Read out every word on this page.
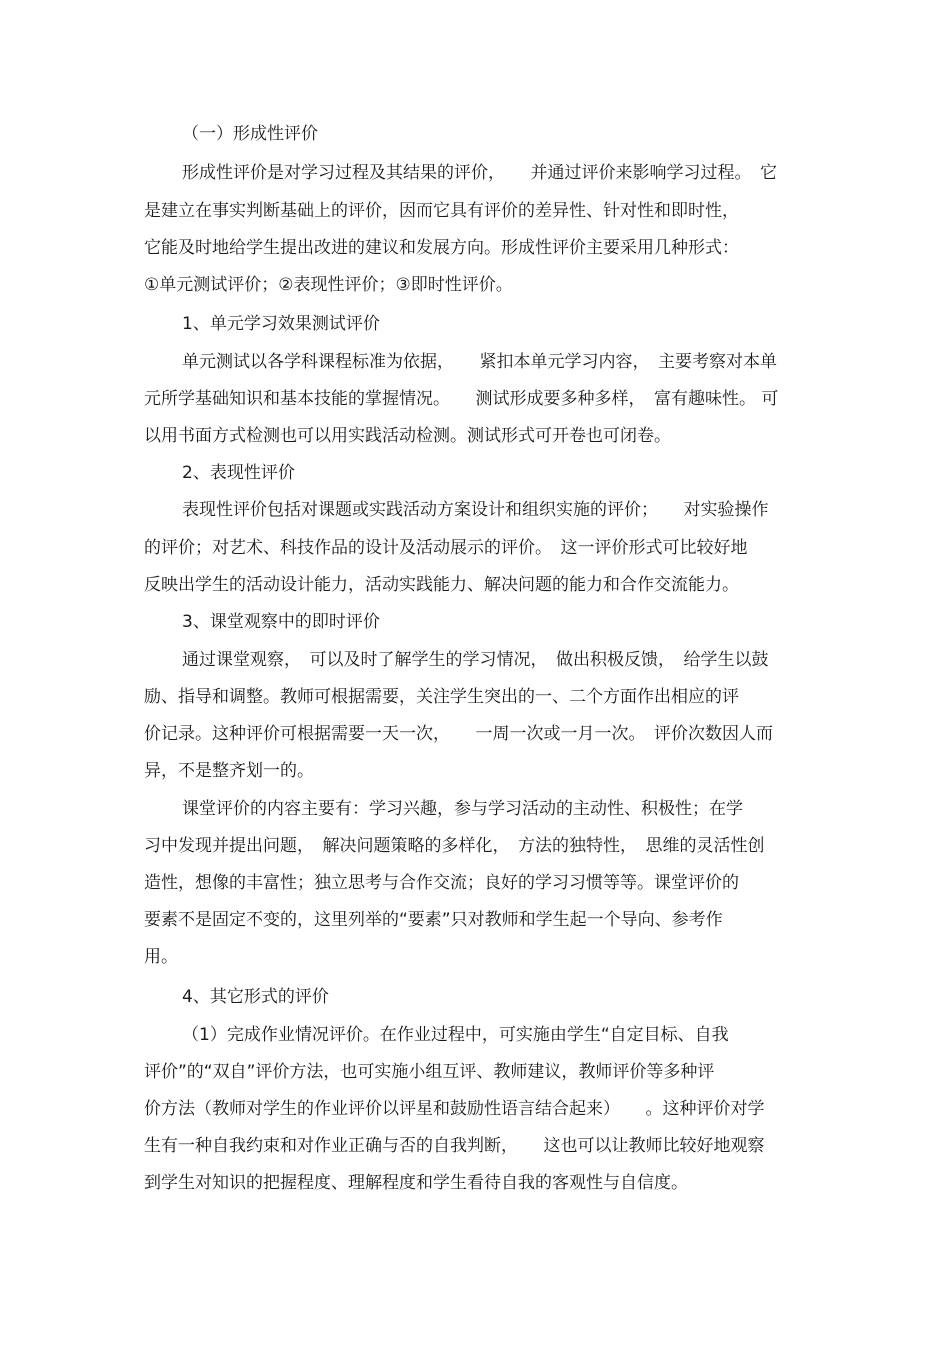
（一）形成性评价
形成性评价是对学习过程及其结果的评价，　　并通过评价来影响学习过程。　它
是建立在事实判断基础上的评价，因而它具有评价的差异性、针对性和即时性，
它能及时地给学生提出改进的建议和发展方向。形成性评价主要采用几种形式：
①单元测试评价；②表现性评价；③即时性评价。
1、单元学习效果测试评价
单元测试以各学科课程标准为依据，　　紧扣本单元学习内容，　主要考察对本单
元所学基础知识和基本技能的掌握情况。　　测试形成要多种多样，　富有趣味性。 可
以用书面方式检测也可以用实践活动检测。测试形式可开卷也可闭卷。
2、表现性评价
表现性评价包括对课题或实践活动方案设计和组织实施的评价；　　对实验操作
的评价；对艺术、科技作品的设计及活动展示的评价。　这一评价形式可比较好地
反映出学生的活动设计能力，活动实践能力、解决问题的能力和合作交流能力。
3、课堂观察中的即时评价
通过课堂观察，　可以及时了解学生的学习情况，　做出积极反馈，　给学生以鼓
励、指导和调整。教师可根据需要，关注学生突出的一、二个方面作出相应的评
价记录。这种评价可根据需要一天一次，　　一周一次或一月一次。　评价次数因人而
异，不是整齐划一的。
课堂评价的内容主要有：学习兴趣，参与学习活动的主动性、积极性；在学
习中发现并提出问题，　解决问题策略的多样化，　方法的独特性，　思维的灵活性创
造性，想像的丰富性；独立思考与合作交流；良好的学习习惯等等。课堂评价的
要素不是固定不变的，这里列举的“要素”只对教师和学生起一个导向、参考作
用。
4、其它形式的评价
（1）完成作业情况评价。在作业过程中，可实施由学生“自定目标、自我
评价”的“双自”评价方法，也可实施小组互评、教师建议，教师评价等多种评
价方法（教师对学生的作业评价以评星和鼓励性语言结合起来）　　。这种评价对学
生有一种自我约束和对作业正确与否的自我判断，　　这也可以让教师比较好地观察
到学生对知识的把握程度、理解程度和学生看待自我的客观性与自信度。
